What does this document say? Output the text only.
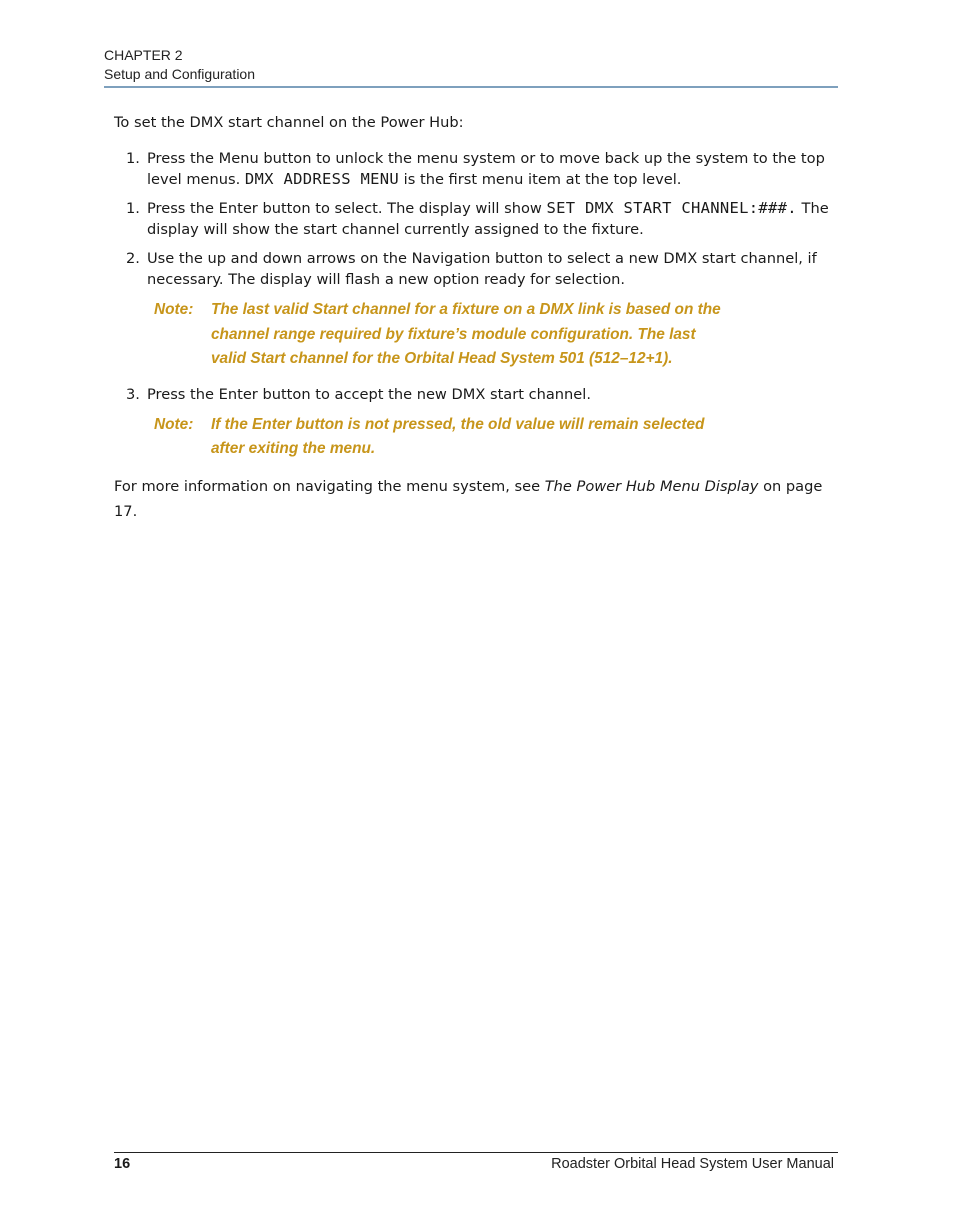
CHAPTER 2
Setup and Configuration

To set the DMX start channel on the Power Hub:

1. Press the Menu button to unlock the menu system or to move back up the system to the top level menus. DMX ADDRESS MENU is the first menu item at the top level.
1. Press the Enter button to select. The display will show SET DMX START CHANNEL:###. The display will show the start channel currently assigned to the fixture.
2. Use the up and down arrows on the Navigation button to select a new DMX start channel, if necessary. The display will flash a new option ready for selection.
Note: The last valid Start channel for a fixture on a DMX link is based on the channel range required by fixture’s module configuration. The last valid Start channel for the Orbital Head System 501 (512–12+1).
3. Press the Enter button to accept the new DMX start channel.
Note: If the Enter button is not pressed, the old value will remain selected after exiting the menu.

For more information on navigating the menu system, see The Power Hub Menu Display on page 17.

16	Roadster Orbital Head System User Manual
